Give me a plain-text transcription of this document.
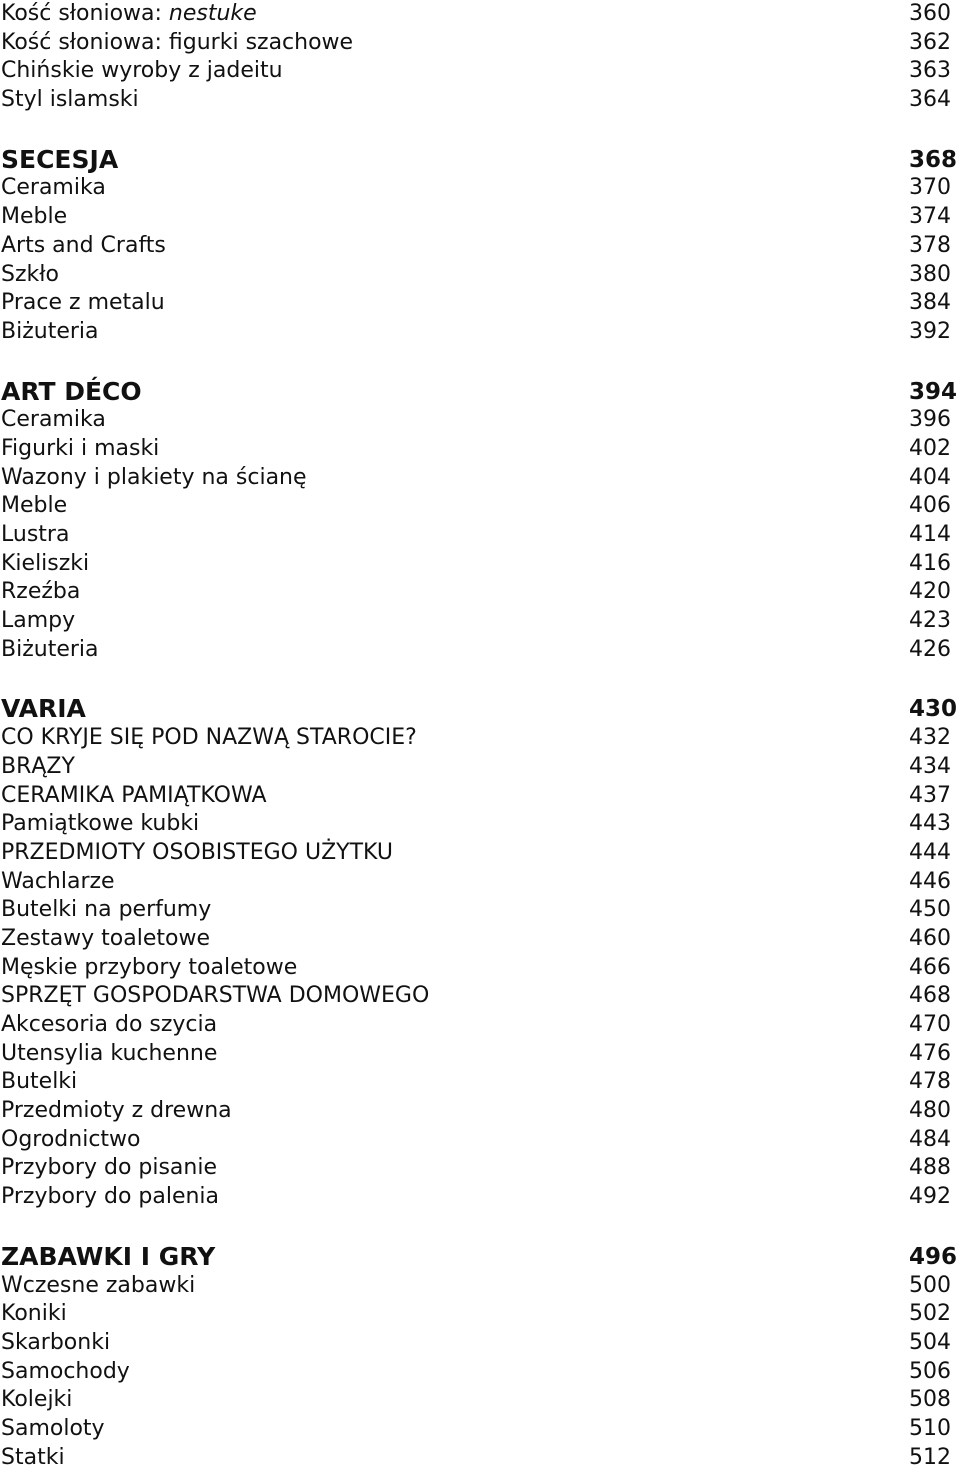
Kość słoniowa: nestuke	360
Kość słoniowa: figurki szachowe	362
Chińskie wyroby z jadeitu	363
Styl islamski	364
SECESJA	368
Ceramika	370
Meble	374
Arts and Crafts	378
Szkło	380
Prace z metalu	384
Biżuteria	392
ART DÉCO	394
Ceramika	396
Figurki i maski	402
Wazony i plakiety na ścianę	404
Meble	406
Lustra	414
Kieliszki	416
Rzeźba	420
Lampy	423
Biżuteria	426
VARIA	430
CO KRYJE SIĘ POD NAZWĄ STAROCIE?	432
BRĄZY	434
CERAMIKA PAMIĄTKOWA	437
Pamiątkowe kubki	443
PRZEDMIOTY OSOBISTEGO UŻYTKU	444
Wachlarze	446
Butelki na perfumy	450
Zestawy toaletowe	460
Męskie przybory toaletowe	466
SPRZĘT GOSPODARSTWA DOMOWEGO	468
Akcesoria do szycia	470
Utensylia kuchenne	476
Butelki	478
Przedmioty z drewna	480
Ogrodnictwo	484
Przybory do pisanie	488
Przybory do palenia	492
ZABAWKI I GRY	496
Wczesne zabawki	500
Koniki	502
Skarbonki	504
Samochody	506
Kolejki	508
Samoloty	510
Statki	512
